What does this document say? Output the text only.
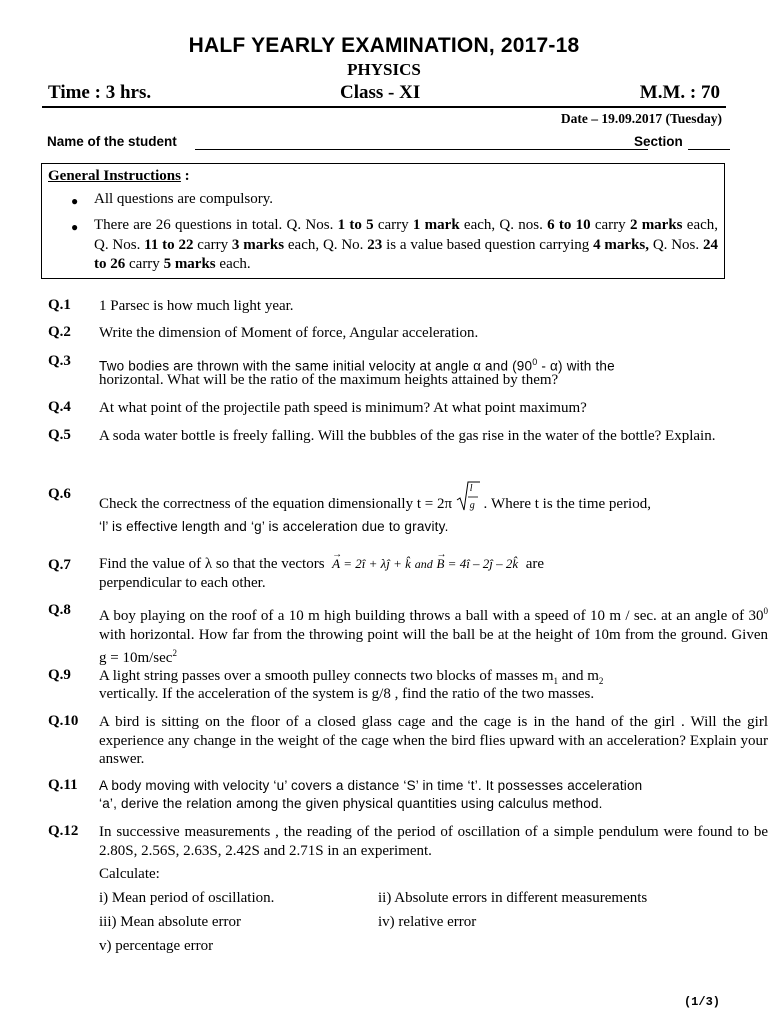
HALF YEARLY EXAMINATION, 2017-18
PHYSICS
Time : 3 hrs.	Class - XI	M.M. : 70
Date – 19.09.2017 (Tuesday)
Name of the student	Section
General Instructions :
● All questions are compulsory.
● There are 26 questions in total. Q. Nos. 1 to 5 carry 1 mark each, Q. nos. 6 to 10 carry 2 marks each, Q. Nos. 11 to 22 carry 3 marks each, Q. No. 23 is a value based question carrying 4 marks, Q. Nos. 24 to 26 carry 5 marks each.
Q.1 1 Parsec is how much light year.
Q.2 Write the dimension of Moment of force, Angular acceleration.
Q.3 Two bodies are thrown with the same initial velocity at angle α and $(90^0 - \alpha)$ with the
horizontal. What will be the ratio of the maximum heights attained by them?
Q.4 At what point of the projectile path speed is minimum? At what point maximum?
Q.5 A soda water bottle is freely falling. Will the bubbles of the gas rise in the water of the bottle? Explain.
Q.6
Check the correctness of the equation dimensionally t = 2π
l
g . Where t is the time period,
‘l’ is effective length and ‘g’ is acceleration due to gravity.
Q.7 Find the value of λ so that the vectors
→
A = 2î + λĵ + k̂ and
→
B = 4î – 2ĵ – 2k̂ are
perpendicular to each other.
Q.8 A boy playing on the roof of a 10 m high building throws a ball with a speed of 10 m / sec. at an angle of $30^0$ with horizontal. How far from the throwing point will the ball be at the height of 10m from the ground. Given $g = 10m/\sec^2$
Q.9 A light string passes over a smooth pulley connects two blocks of masses $m_1$ and $m_2$
vertically. If the acceleration of the system is g/8 , find the ratio of the two masses.
Q.10 A bird is sitting on the floor of a closed glass cage and the cage is in the hand of the girl . Will the girl experience any change in the weight of the cage when the bird flies upward with an acceleration? Explain your answer.
Q.11 A body moving with velocity ‘u’ covers a distance ‘S’ in time ‘t’. It possesses acceleration
‘a’, derive the relation among the given physical quantities using calculus method.
Q.12 In successive measurements , the reading of the period of oscillation of a simple pendulum were found to be 2.80S, 2.56S, 2.63S, 2.42S and 2.71S in an experiment.
Calculate:
i) Mean period of oscillation.	ii) Absolute errors in different measurements
iii) Mean absolute error	iv) relative error
v) percentage error
(1/3)
